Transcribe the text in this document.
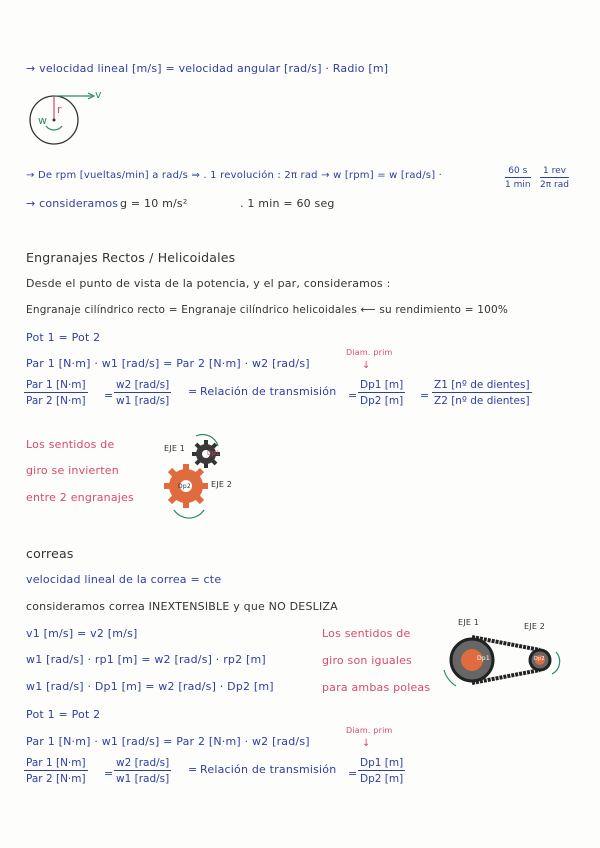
→ velocidad lineal [m/s] = velocidad angular [rad/s] · Radio [m]
v
r
w
→ De rpm [vueltas/min] a rad/s ⇒ . 1 revolución : 2π rad → w [rpm] = w [rad/s] ·	60 s
1 min
1 rev
2π rad
→ consideramos g = 10 m/s²	. 1 min = 60 seg
Engranajes Rectos / Helicoidales
Desde el punto de vista de la potencia, y el par, consideramos :
Engranaje cilíndrico recto = Engranaje cilíndrico helicoidales ⟵ su rendimiento = 100%
Pot 1 = Pot 2
Par 1 [N·m] · w1 [rad/s] = Par 2 [N·m] · w2 [rad/s]
Diam. prim
↓
Par 1 [N·m]
Par 2 [N·m] =
w2 [rad/s]
w1 [rad/s]
= Relación de transmisión = $\frac{Dp1 [m]}{Dp2 [m]}$ =
Z1 [nº de dientes]
Z2 [nº de dientes]
Los sentidos de
giro se invierten
entre 2 engranajes
EJE 1
EJE 2
Dp1
Dp2
correas
velocidad lineal de la correa = cte
consideramos correa INEXTENSIBLE y que NO DESLIZA
v1 [m/s] = v2 [m/s]
w1 [rad/s] · rp1 [m] = w2 [rad/s] · rp2 [m]
w1 [rad/s] · Dp1 [m] = w2 [rad/s] · Dp2 [m]
Los sentidos de
giro son iguales
para ambas poleas
EJE 1	EJE 2
Dp1	Dp2
Pot 1 = Pot 2
Par 1 [N·m] · w1 [rad/s] = Par 2 [N·m] · w2 [rad/s]
Diam. prim
↓
Par 1 [N·m]
Par 2 [N·m] =
w2 [rad/s]
w1 [rad/s]
= Relación de transmisión = $\frac{Dp1 [m]}{Dp2 [m]}$
